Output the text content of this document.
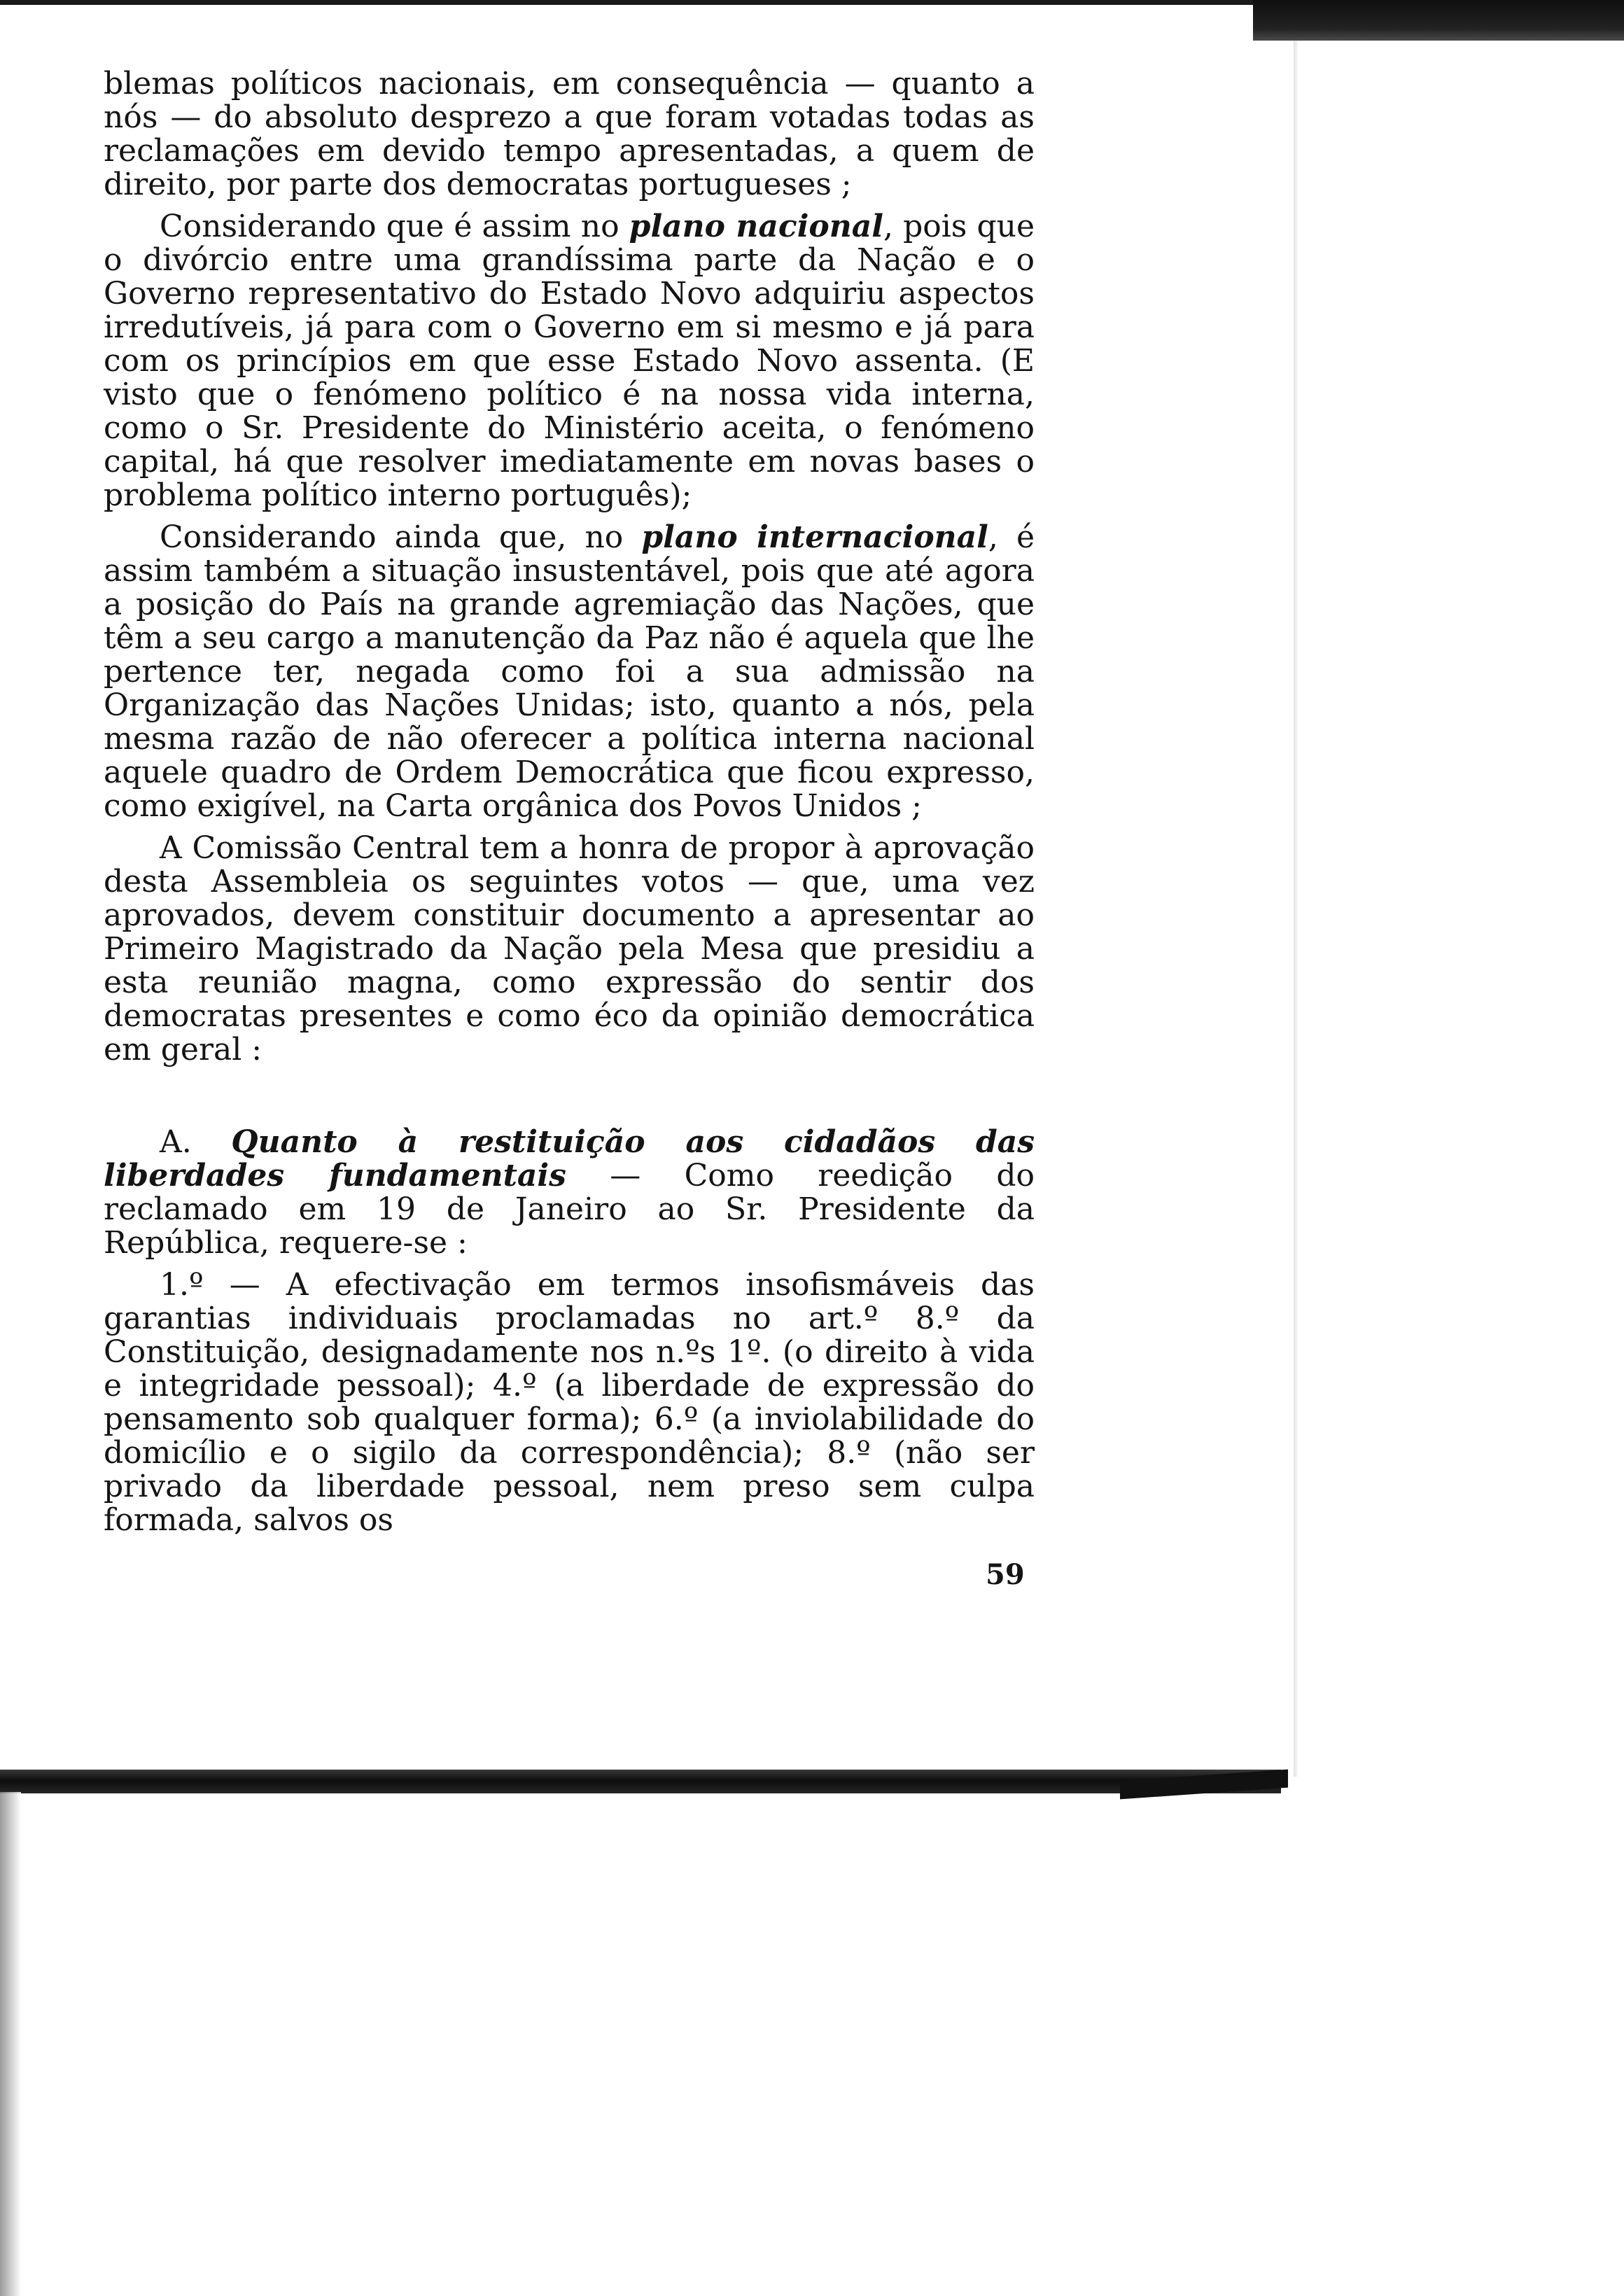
blemas políticos nacionais, em consequência — quanto a nós — do absoluto desprezo a que foram votadas todas as reclamações em devido tempo apresentadas, a quem de direito, por parte dos democratas portugueses ;

Considerando que é assim no plano nacional, pois que o divórcio entre uma grandíssima parte da Nação e o Governo representativo do Estado Novo adquiriu aspectos irredutíveis, já para com o Governo em si mesmo e já para com os princípios em que esse Estado Novo assenta. (E visto que o fenómeno político é na nossa vida interna, como o Sr. Presidente do Ministério aceita, o fenómeno capital, há que resolver imediatamente em novas bases o problema político interno português);

Considerando ainda que, no plano internacional, é assim também a situação insustentável, pois que até agora a posição do País na grande agremiação das Nações, que têm a seu cargo a manutenção da Paz não é aquela que lhe pertence ter, negada como foi a sua admissão na Organização das Nações Unidas; isto, quanto a nós, pela mesma razão de não oferecer a política interna nacional aquele quadro de Ordem Democrática que ficou expresso, como exigível, na Carta orgânica dos Povos Unidos ;

A Comissão Central tem a honra de propor à aprovação desta Assembleia os seguintes votos — que, uma vez aprovados, devem constituir documento a apresentar ao Primeiro Magistrado da Nação pela Mesa que presidiu a esta reunião magna, como expressão do sentir dos democratas presentes e como éco da opinião democrática em geral :

A. Quanto à restituição aos cidadãos das liberdades fundamentais — Como reedição do reclamado em 19 de Janeiro ao Sr. Presidente da República, requere-se :

1.º — A efectivação em termos insofismáveis das garantias individuais proclamadas no art.º 8.º da Constituição, designadamente nos n.ºs 1º. (o direito à vida e integridade pessoal); 4.º (a liberdade de expressão do pensamento sob qualquer forma); 6.º (a inviolabilidade do domicílio e o sigilo da correspondência); 8.º (não ser privado da liberdade pessoal, nem preso sem culpa formada, salvos os

59
